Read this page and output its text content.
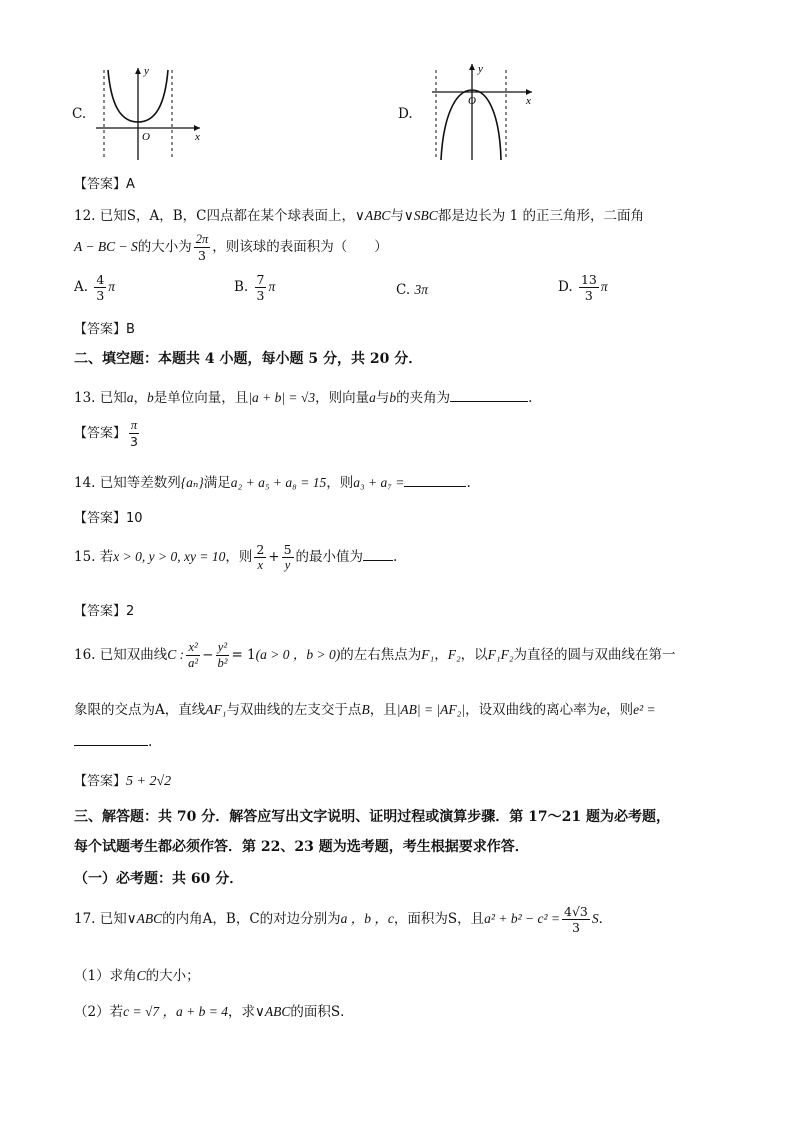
C.
y
O	x
D.
y
O	x
【答案】A
12. 已知S，A，B，C四点都在某个球表面上，∨ABC与∨SBC都是边长为 1 的正三角形，二面角
A − BC − S的大小为 $\frac{2\pi}{3}$ ，则该球的表面积为（　　）
A. $\frac{4}{3}$ π	B. $\frac{7}{3}$ π	C. 3π	D. $\frac{13}{3}$ π
【答案】B
二、填空题：本题共 4 小题，每小题 5 分，共 20 分．
13. 已知a，b是单位向量，且|a + b| = √3，则向量a与b的夹角为	.
【答案】 $\frac{\pi}{3}$
14. 已知等差数列{aₙ}满足a₂ + a₅ + a₈ = 15，则a₃ + a₇ =	.
【答案】10
15. 若x > 0, y > 0, xy = 10，则 $\frac{2}{x} + \frac{5}{y}$ 的最小值为 .
【答案】2
16. 已知双曲线C : $\frac{\text{x²}}{\text{a²}} - \frac{\text{y²}}{\text{b²}} = 1(a > 0$ ，b > 0)的左右焦点为F₁，F₂，以F₁F₂为直径的圆与双曲线在第一
象限的交点为A，直线AF₁与双曲线的左支交于点B，且|AB| = |AF₂|，设双曲线的离心率为e，则e² =
.
【答案】5 + 2√2
三、解答题：共 70 分．解答应写出文字说明、证明过程或演算步骤．第 17～21 题为必考题，
每个试题考生都必须作答．第 22、23 题为选考题，考生根据要求作答．
（一）必考题：共 60 分．
17. 已知∨ABC的内角A，B，C的对边分别为a ，b ，c，面积为S，且$a^2 + b^2 - c^2 = \frac{4√3}{3}$ S．
（1）求角C的大小；
（2）若c = √7 ，a + b = 4，求∨ABC的面积S．
